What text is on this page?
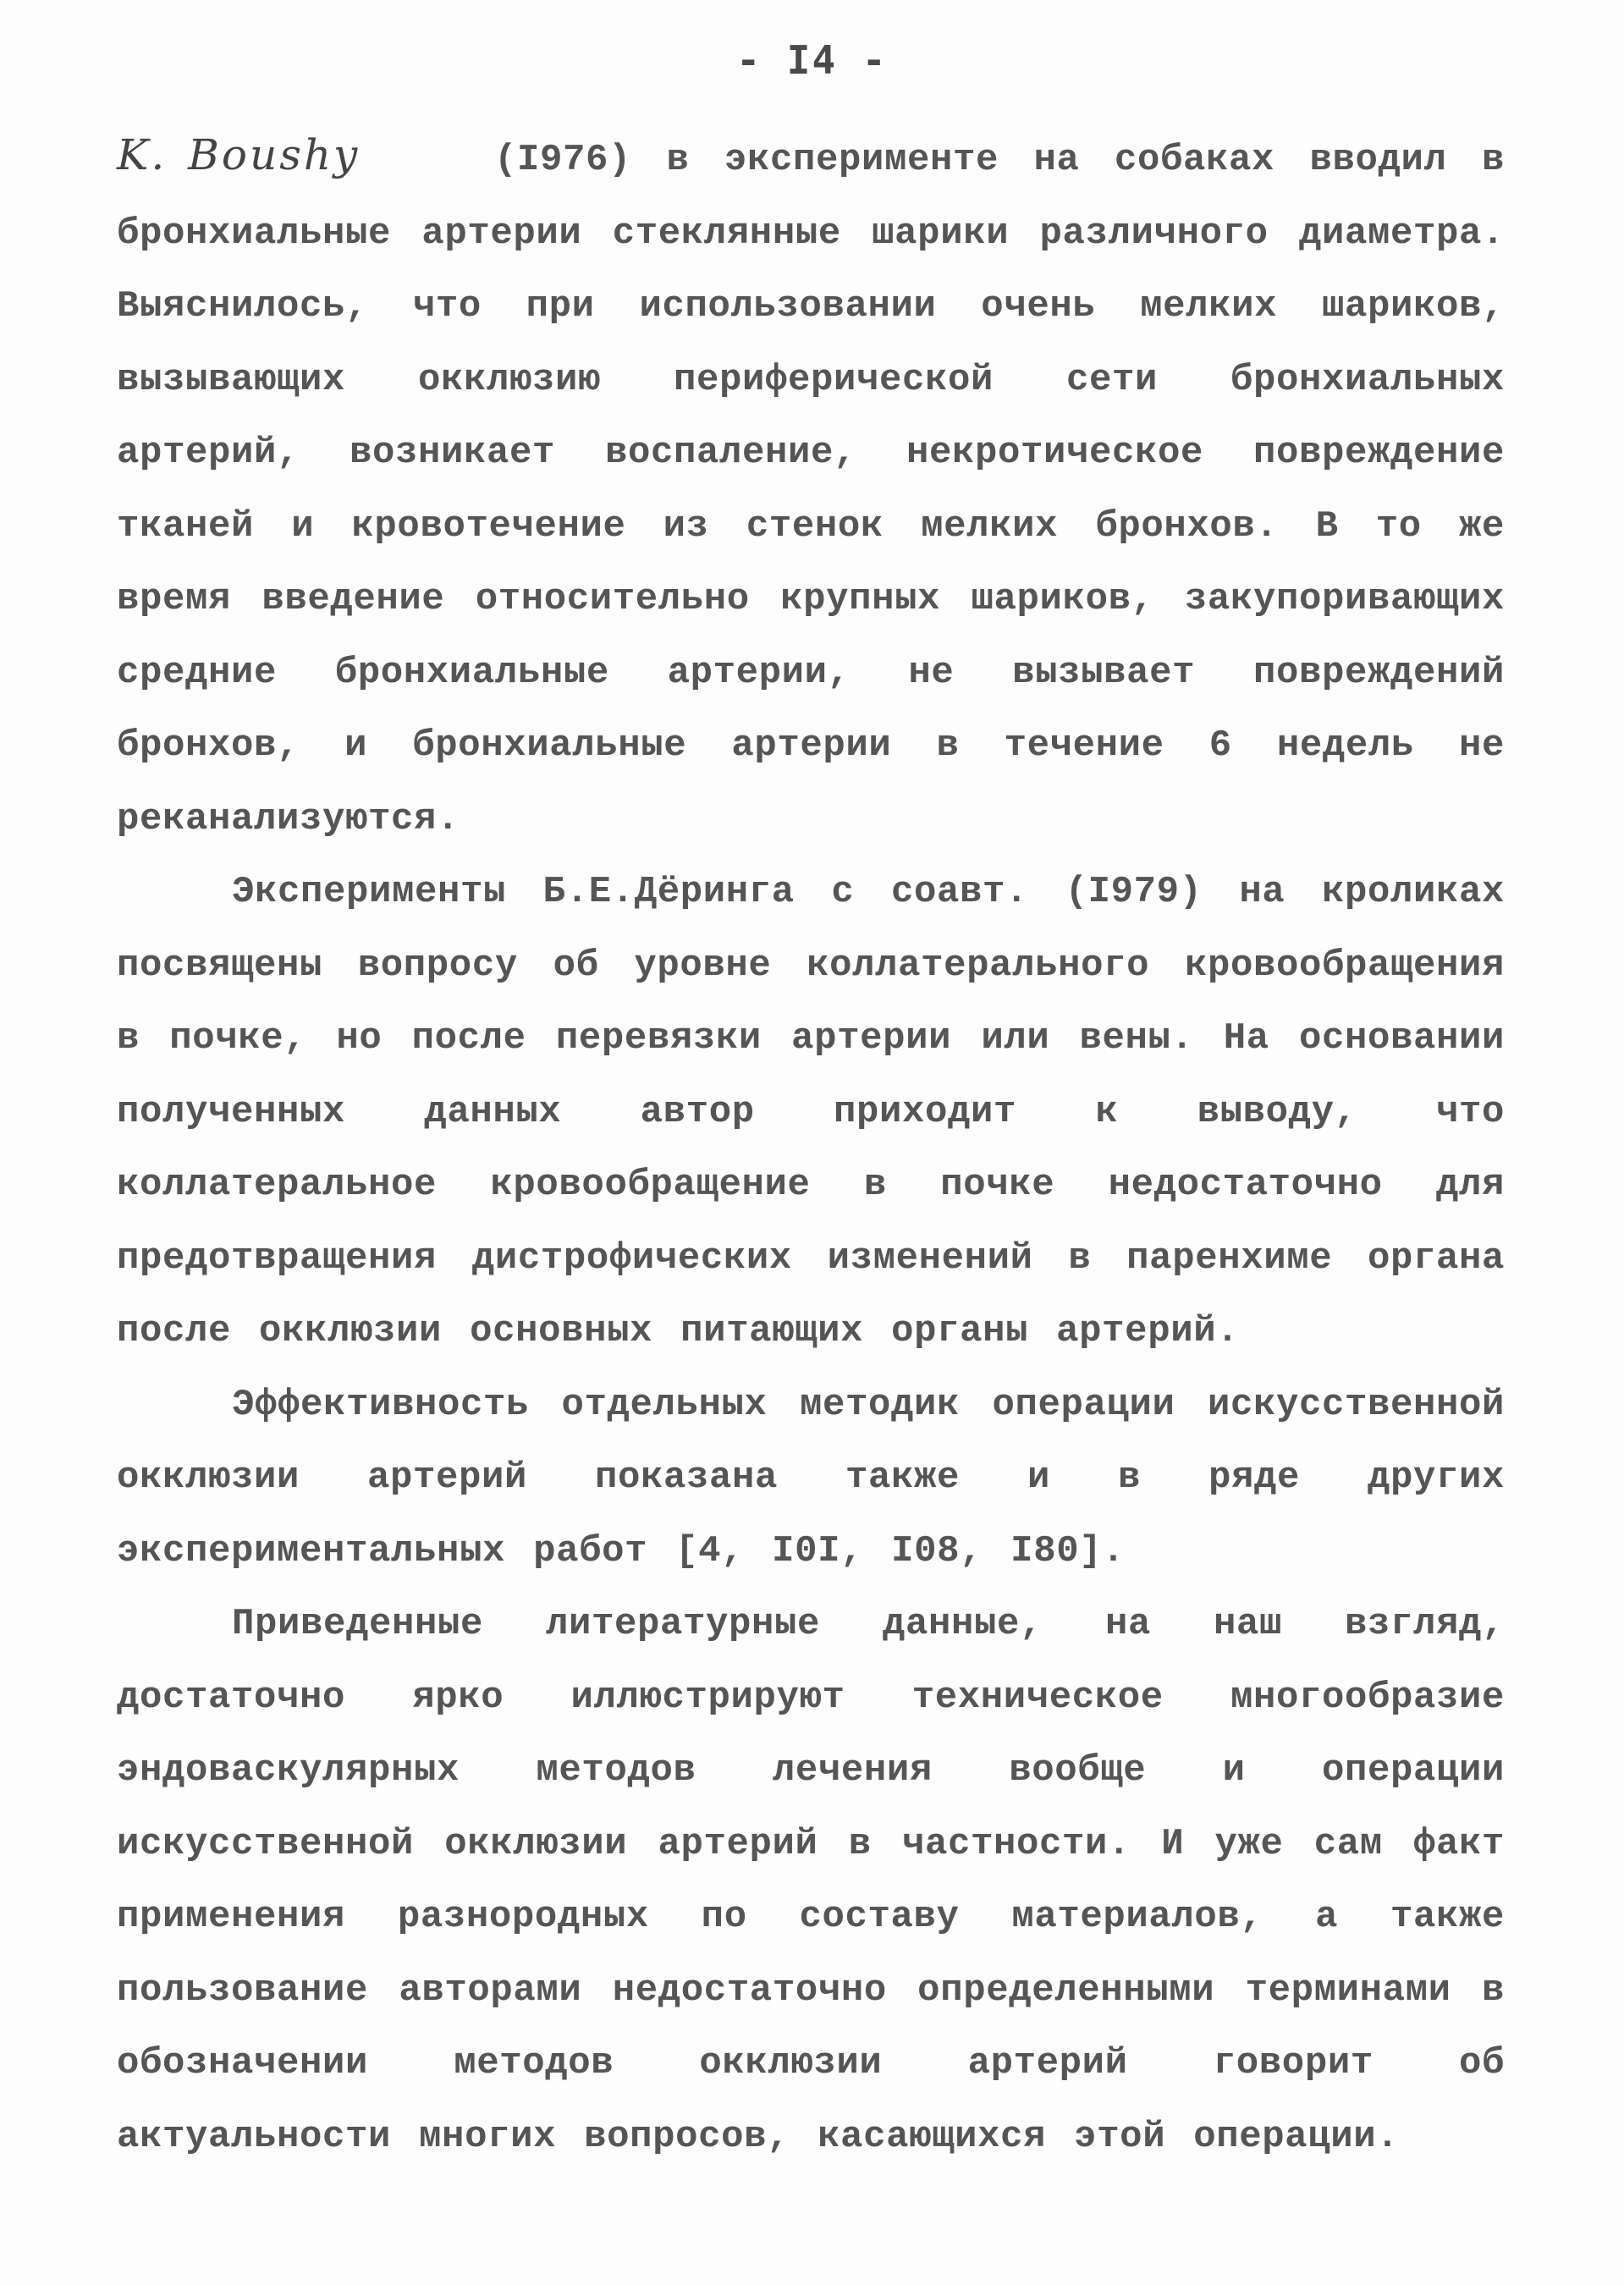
- I4 -

K. Boushy	(I976) в эксперименте на собаках вводил в бронхиальные артерии стеклянные шарики различного диаметра. Выяснилось, что при использовании очень мелких шариков, вызывающих окклюзию периферической сети бронхиальных артерий, возникает воспаление, некротическое повреждение тканей и кровотечение из стенок мелких бронхов. В то же время введение относительно крупных шариков, закупоривающих средние бронхиальные артерии, не вызывает повреждений бронхов, и бронхиальные артерии в течение 6 недель не реканализуются.

Эксперименты Б.Е.Дёринга с соавт. (I979) на кроликах посвящены вопросу об уровне коллатерального кровообращения в почке, но после перевязки артерии или вены. На основании полученных данных автор приходит к выводу, что коллатеральное кровообращение в почке недостаточно для предотвращения дистрофических изменений в паренхиме органа после окклюзии основных питающих органы артерий.

Эффективность отдельных методик операции искусственной окклюзии артерий показана также и в ряде других экспериментальных работ [4, I0I, I08, I80].

Приведенные литературные данные, на наш взгляд, достаточно ярко иллюстрируют техническое многообразие эндоваскулярных методов лечения вообще и операции искусственной окклюзии артерий в частности. И уже сам факт применения разнородных по составу материалов, а также пользование авторами недостаточно определенными терминами в обозначении методов окклюзии артерий говорит об актуальности многих вопросов, касающихся этой операции.
